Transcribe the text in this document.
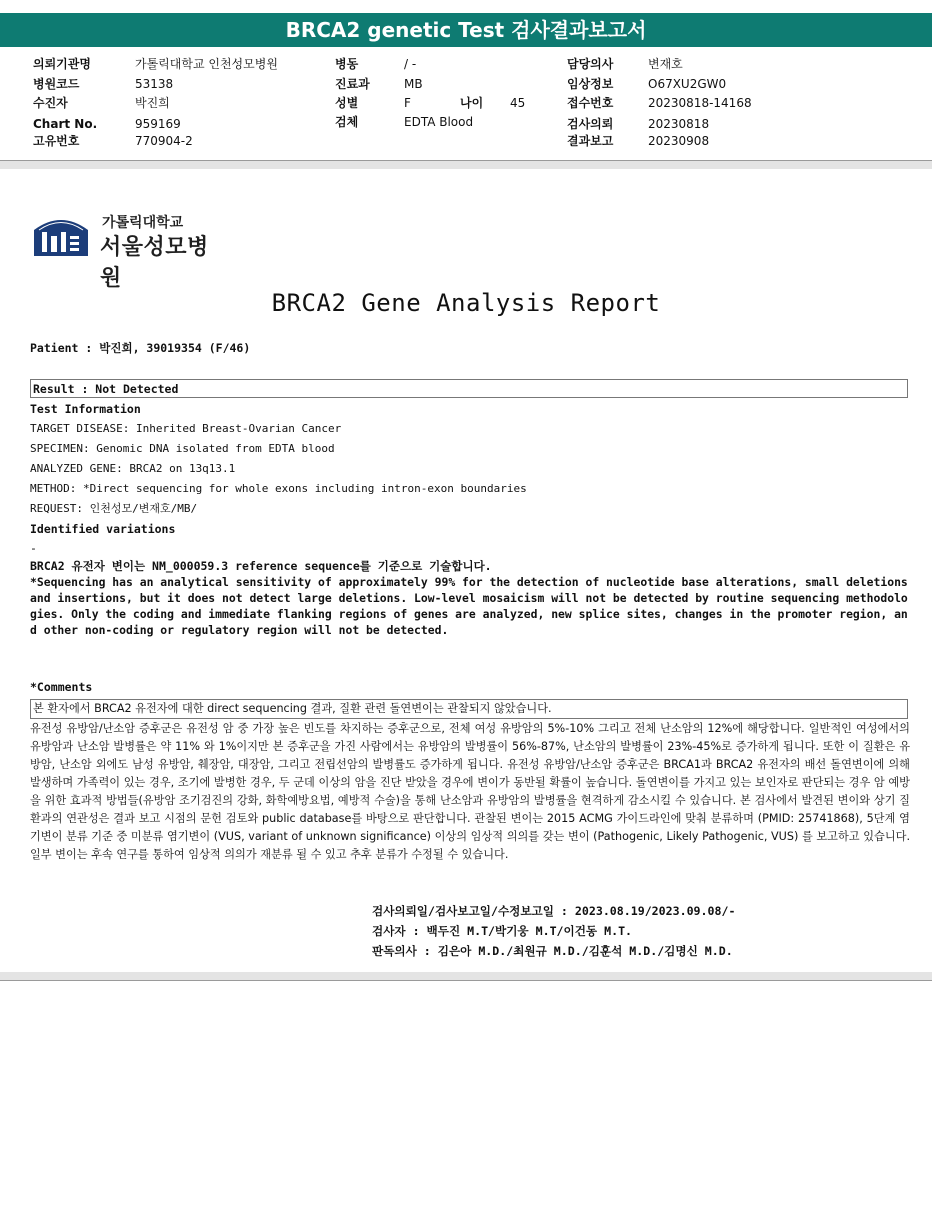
BRCA2 genetic Test 검사결과보고서
의뢰기관명	가톨릭대학교 인천성모병원
병원코드	53138
수진자	박진희
Chart No.	959169
고유번호	770904-2
병동	/ -
진료과	MB
성별	F	나이 45
검체	EDTA Blood
담당의사	변재호
임상정보	O67XU2GW0
접수번호	20230818-14168
검사의뢰	20230818
결과보고	20230908
가톨릭대학교
서울성모병원
BRCA2 Gene Analysis Report
Patient : 박진희, 39019354 (F/46)
Result : Not Detected
Test Information
TARGET DISEASE: Inherited Breast-Ovarian Cancer
SPECIMEN: Genomic DNA isolated from EDTA blood
ANALYZED GENE: BRCA2 on 13q13.1
METHOD: *Direct sequencing for whole exons including intron-exon boundaries
REQUEST: 인천성모/변재호/MB/
Identified variations
-
BRCA2 유전자 변이는 NM_000059.3 reference sequence를 기준으로 기술합니다.
*Sequencing has an analytical sensitivity of approximately 99% for the detection of nucleotide base alterations, small deletions and insertions, but it does not detect large deletions. Low-level mosaicism will not be detected by routine sequencing methodologies. Only the coding and immediate flanking regions of genes are analyzed, new splice sites, changes in the promoter region, and other non-coding or regulatory region will not be detected.
*Comments
본 환자에서 BRCA2 유전자에 대한 direct sequencing 결과, 질환 관련 돌연변이는 관찰되지 않았습니다.
유전성 유방암/난소암 증후군은 유전성 암 중 가장 높은 빈도를 차지하는 증후군으로, 전체 여성 유방암의 5%-10% 그리고 전체 난소암의 12%에 해당합니다. 일반적인 여성에서의 유방암과 난소암 발병률은 약 11% 와 1%이지만 본 증후군을 가진 사람에서는 유방암의 발병률이 56%-87%, 난소암의 발병률이 23%-45%로 증가하게 됩니다. 또한 이 질환은 유방암, 난소암 외에도 남성 유방암, 췌장암, 대장암, 그리고 전립선암의 발병률도 증가하게 됩니다. 유전성 유방암/난소암 증후군은 BRCA1과 BRCA2 유전자의 배선 돌연변이에 의해 발생하며 가족력이 있는 경우, 조기에 발병한 경우, 두 군데 이상의 암을 진단 받았을 경우에 변이가 동반될 확률이 높습니다. 돌연변이를 가지고 있는 보인자로 판단되는 경우 암 예방을 위한 효과적 방법들(유방암 조기검진의 강화, 화학예방요법, 예방적 수술)을 통해 난소암과 유방암의 발병률을 현격하게 감소시킬 수 있습니다. 본 검사에서 발견된 변이와 상기 질환과의 연관성은 결과 보고 시점의 문헌 검토와 public database를 바탕으로 판단합니다. 관찰된 변이는 2015 ACMG 가이드라인에 맞춰 분류하며 (PMID: 25741868), 5단계 염기변이 분류 기준 중 미분류 염기변이 (VUS, variant of unknown significance) 이상의 임상적 의의를 갖는 변이 (Pathogenic, Likely Pathogenic, VUS) 를 보고하고 있습니다. 일부 변이는 후속 연구를 통하여 임상적 의의가 재분류 될 수 있고 추후 분류가 수정될 수 있습니다.
검사의뢰일/검사보고일/수정보고일 : 2023.08.19/2023.09.08/-
검사자 : 백두진 M.T/박기웅 M.T/이건동 M.T.
판독의사 : 김은아 M.D./최원규 M.D./김훈석 M.D./김명신 M.D.
